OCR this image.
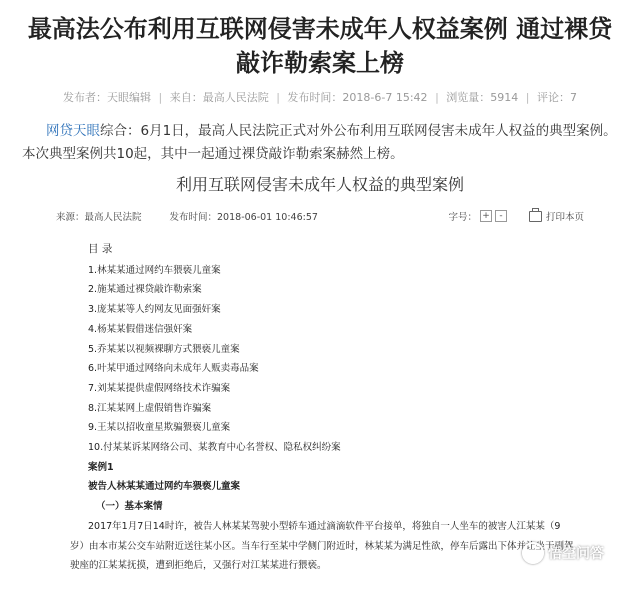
最高法公布利用互联网侵害未成年人权益案例 通过裸贷敲诈勒索案上榜
发布者：天眼编辑 | 来自：最高人民法院 | 发布时间：2018-6-7 15:42 | 浏览量：5914 | 评论：7

网贷天眼综合：6月1日，最高人民法院正式对外公布利用互联网侵害未成年人权益的典型案例。本次典型案例共10起，其中一起通过裸贷敲诈勒索案赫然上榜。

利用互联网侵害未成年人权益的典型案例

来源：最高人民法院	发布时间：2018-06-01 10:46:57	字号： +	-	打印本页
目 录
1.林某某通过网约车猥亵儿童案
2.施某通过裸贷敲诈勒索案
3.庞某某等人约网友见面强奸案
4.杨某某假借迷信强奸案
5.乔某某以视频裸聊方式猥亵儿童案
6.叶某甲通过网络向未成年人贩卖毒品案
7.刘某某提供虚假网络技术诈骗案
8.江某某网上虚假销售诈骗案
9.王某以招收童星欺骗猥亵儿童案
10.付某某诉某网络公司、某教育中心名誉权、隐私权纠纷案
案例1
被告人林某某通过网约车猥亵儿童案
（一）基本案情
2017年1月7日14时许，被告人林某某驾驶小型轿车通过滴滴软件平台接单，将独自一人坐车的被害人江某某（9岁）由本市某公交车站附近送往某小区。当车行至某中学侧门附近时，林某某为满足性欲，停车后露出下体并让坐于副驾驶座的江某某抚摸，遭到拒绝后，又强行对江某某进行猥亵。
悟空问答
